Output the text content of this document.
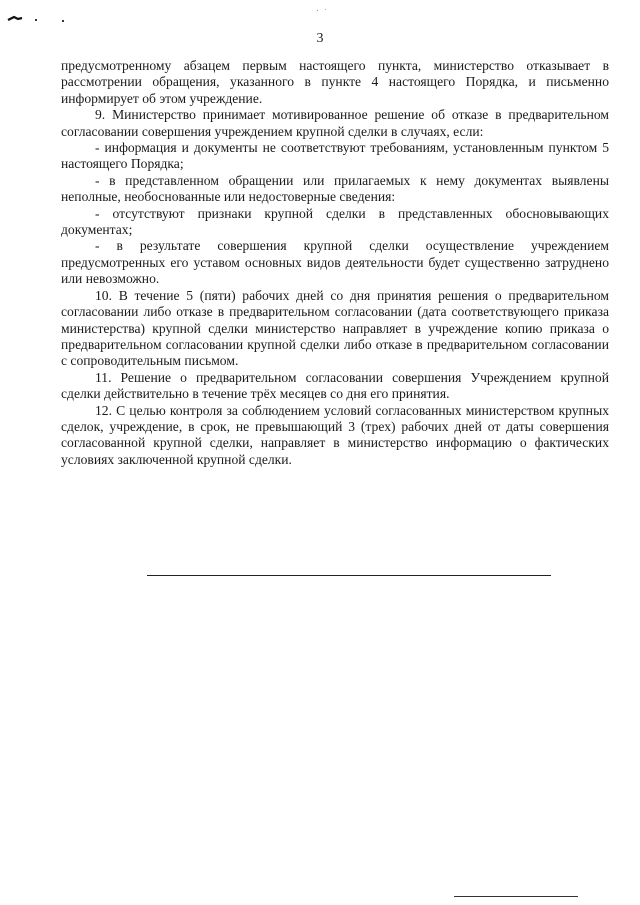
3

предусмотренному абзацем первым настоящего пункта, министерство отказывает в рассмотрении обращения, указанного в пункте 4 настоящего Порядка, и письменно информирует об этом учреждение.

9. Министерство принимает мотивированное решение об отказе в предварительном согласовании совершения учреждением крупной сделки в случаях, если:

- информация и документы не соответствуют требованиям, установленным пунктом 5 настоящего Порядка;

- в представленном обращении или прилагаемых к нему документах выявлены неполные, необоснованные или недостоверные сведения:

- отсутствуют признаки крупной сделки в представленных обосновывающих документах;

- в результате совершения крупной сделки осуществление учреждением предусмотренных его уставом основных видов деятельности будет существенно затруднено или невозможно.

10. В течение 5 (пяти) рабочих дней со дня принятия решения о предварительном согласовании либо отказе в предварительном согласовании (дата соответствующего приказа министерства) крупной сделки министерство направляет в учреждение копию приказа о предварительном согласовании крупной сделки либо отказе в предварительном согласовании с сопроводительным письмом.

11. Решение о предварительном согласовании совершения Учреждением крупной сделки действительно в течение трёх месяцев со дня его принятия.

12. С целью контроля за соблюдением условий согласованных министерством крупных сделок, учреждение, в срок, не превышающий 3 (трех) рабочих дней от даты совершения согласованной крупной сделки, направляет в министерство информацию о фактических условиях заключенной крупной сделки.
